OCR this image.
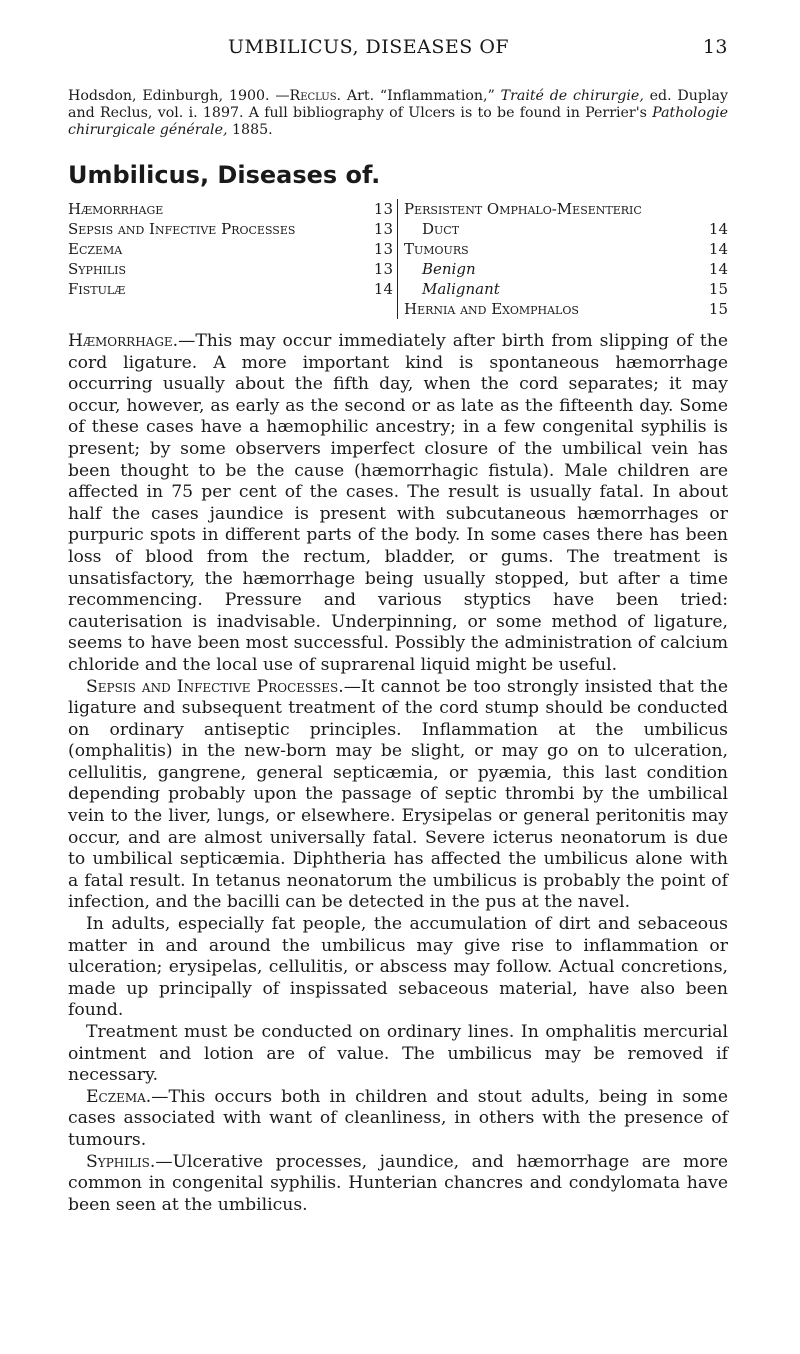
UMBILICUS, DISEASES OF	13
Hodsdon, Edinburgh, 1900. —Reclus. Art. “Inflammation,” Traité de chirurgie, ed. Duplay and Reclus, vol. i. 1897. A full bibliography of Ulcers is to be found in Perrier's Pathologie chirurgicale générale, 1885.
Umbilicus, Diseases of.
Hæmorrhage	13
Sepsis and Infective Processes	13
Eczema	13
Syphilis	13
Fistulæ	14
Persistent Omphalo-Mesenteric
Duct	14
Tumours	14
Benign	14
Malignant	15
Hernia and Exomphalos	15

Hæmorrhage.—This may occur immediately after birth from slipping of the cord ligature. A more important kind is spontaneous hæmorrhage occurring usually about the fifth day, when the cord separates; it may occur, however, as early as the second or as late as the fifteenth day. Some of these cases have a hæmophilic ancestry; in a few congenital syphilis is present; by some observers imperfect closure of the umbilical vein has been thought to be the cause (hæmorrhagic fistula). Male children are affected in 75 per cent of the cases. The result is usually fatal. In about half the cases jaundice is present with subcutaneous hæmorrhages or purpuric spots in different parts of the body. In some cases there has been loss of blood from the rectum, bladder, or gums. The treatment is unsatisfactory, the hæmorrhage being usually stopped, but after a time recommencing. Pressure and various styptics have been tried: cauterisation is inadvisable. Underpinning, or some method of ligature, seems to have been most successful. Possibly the administration of calcium chloride and the local use of suprarenal liquid might be useful.

Sepsis and Infective Processes.—It cannot be too strongly insisted that the ligature and subsequent treatment of the cord stump should be conducted on ordinary antiseptic principles. Inflammation at the umbilicus (omphalitis) in the new-born may be slight, or may go on to ulceration, cellulitis, gangrene, general septicæmia, or pyæmia, this last condition depending probably upon the passage of septic thrombi by the umbilical vein to the liver, lungs, or elsewhere. Erysipelas or general peritonitis may occur, and are almost universally fatal. Severe icterus neonatorum is due to umbilical septicæmia. Diphtheria has affected the umbilicus alone with a fatal result. In tetanus neonatorum the umbilicus is probably the point of infection, and the bacilli can be detected in the pus at the navel.

In adults, especially fat people, the accumulation of dirt and sebaceous matter in and around the umbilicus may give rise to inflammation or ulceration; erysipelas, cellulitis, or abscess may follow. Actual concretions, made up principally of inspissated sebaceous material, have also been found.

Treatment must be conducted on ordinary lines. In omphalitis mercurial ointment and lotion are of value. The umbilicus may be removed if necessary.

Eczema.—This occurs both in children and stout adults, being in some cases associated with want of cleanliness, in others with the presence of tumours.

Syphilis.—Ulcerative processes, jaundice, and hæmorrhage are more common in congenital syphilis. Hunterian chancres and condylomata have been seen at the umbilicus.
